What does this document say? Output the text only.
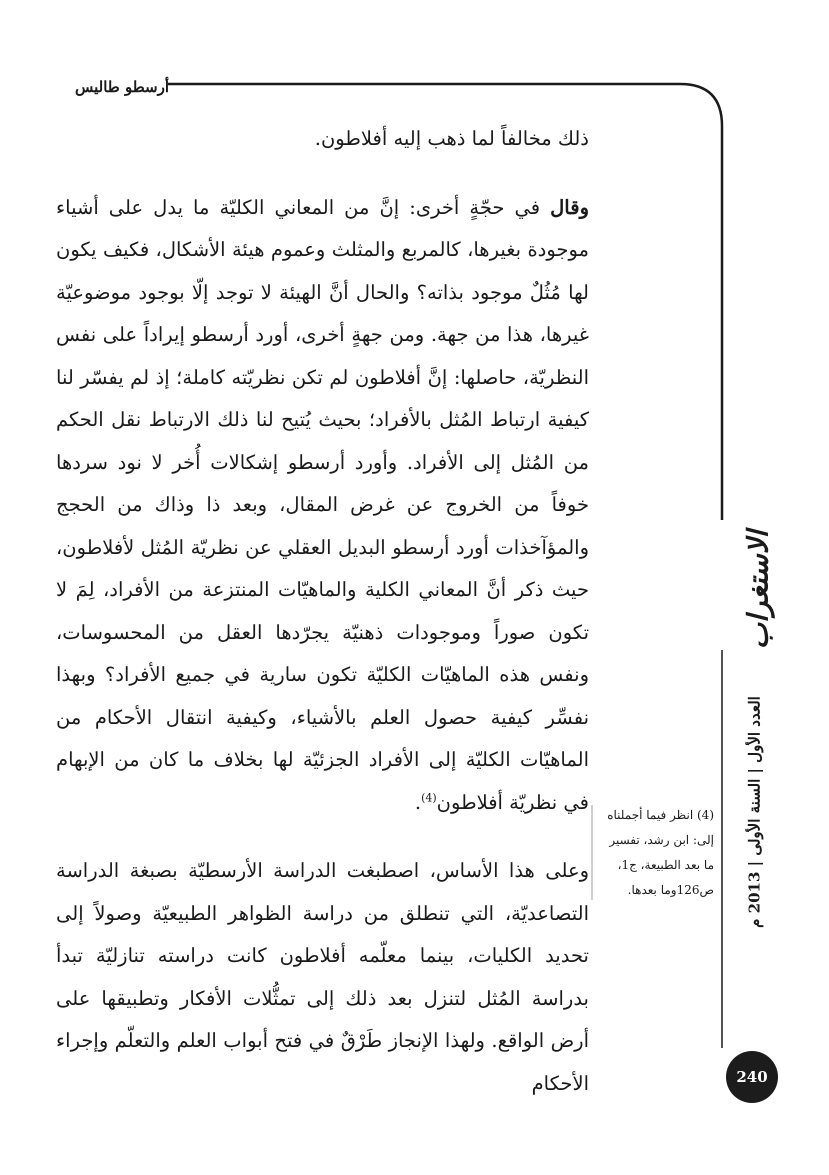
أرسطو طاليس

ذلك مخالفاً لما ذهب إليه أفلاطون.

وقال في حجّةٍ أخرى: إنَّ من المعاني الكليّة ما يدل على أشياء موجودة بغيرها، كالمربع والمثلث وعموم هيئة الأشكال، فكيف يكون لها مُثُلٌ موجود بذاته؟ والحال أنَّ الهيئة لا توجد إلّا بوجود موضوعيّة غيرها، هذا من جهة. ومن جهةٍ أخرى، أورد أرسطو إيراداً على نفس النظريّة، حاصلها: إنَّ أفلاطون لم تكن نظريّته كاملة؛ إذ لم يفسّر لنا كيفية ارتباط المُثل بالأفراد؛ بحيث يُتيح لنا ذلك الارتباط نقل الحكم من المُثل إلى الأفراد. وأورد أرسطو إشكالات أُخر لا نود سردها خوفاً من الخروج عن غرض المقال، وبعد ذا وذاك من الحجج والمؤآخذات أورد أرسطو البديل العقلي عن نظريّة المُثل لأفلاطون، حيث ذكر أنَّ المعاني الكلية والماهيّات المنتزعة من الأفراد، لِمَ لا تكون صوراً وموجودات ذهنيّة يجرّدها العقل من المحسوسات، ونفس هذه الماهيّات الكليّة تكون سارية في جميع الأفراد؟ وبهذا نفسِّر كيفية حصول العلم بالأشياء، وكيفية انتقال الأحكام من الماهيّات الكليّة إلى الأفراد الجزئيّة لها بخلاف ما كان من الإبهام في نظريّة أفلاطون$^{(4)}$.

وعلى هذا الأساس، اصطبغت الدراسة الأرسطيّة بصبغة الدراسة التصاعديّة، التي تنطلق من دراسة الظواهر الطبيعيّة وصولاً إلى تحديد الكليات، بينما معلّمه أفلاطون كانت دراسته تنازليّة تبدأ بدراسة المُثل لتنزل بعد ذلك إلى تمثُّلات الأفكار وتطبيقها على أرض الواقع. ولهذا الإنجاز طَرْقٌ في فتح أبواب العلم والتعلّم وإجراء الأحكام

(4) انظر فيما أجملناه إلى: ابن رشد، تفسير ما بعد الطبيعة، ج1، ص126وما بعدها.
الاستغراب
العدد الأول | السنة الأولى | 2013 م
240
